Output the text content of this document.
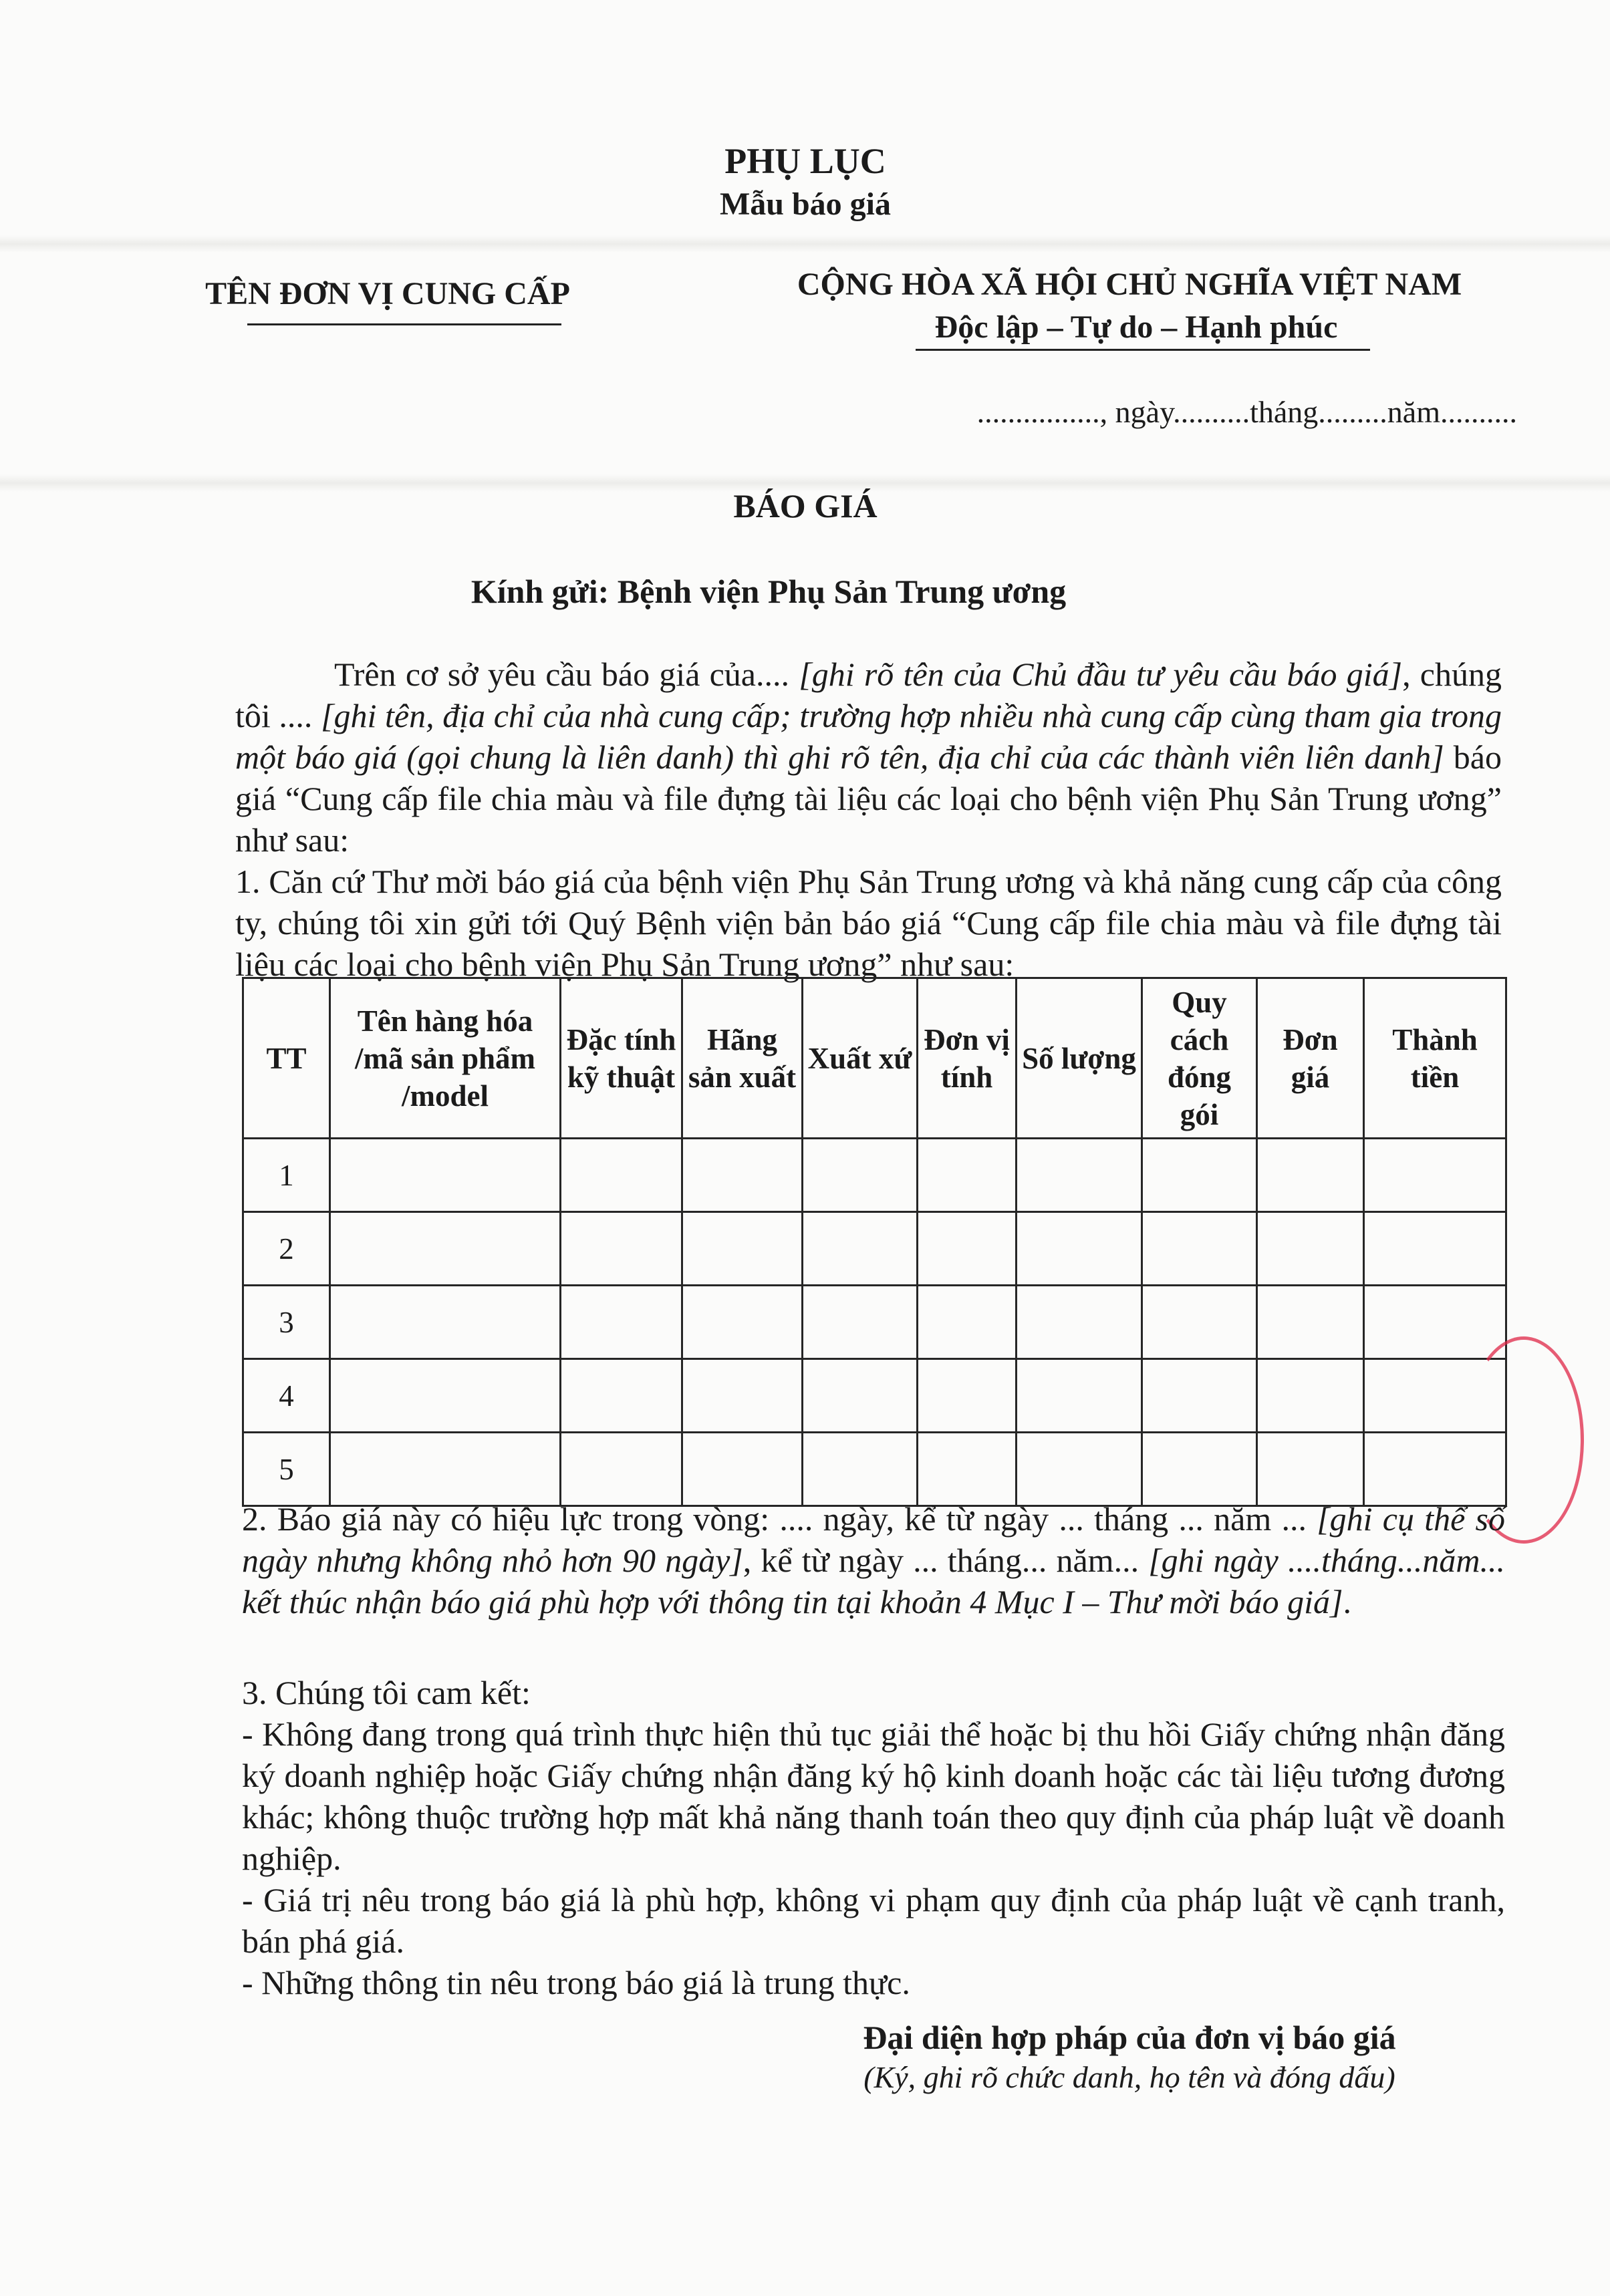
PHỤ LỤC
Mẫu báo giá
TÊN ĐƠN VỊ CUNG CẤP	CỘNG HÒA XÃ HỘI CHỦ NGHĨA VIỆT NAM
Độc lập – Tự do – Hạnh phúc
................, ngày..........tháng.........năm..........
BÁO GIÁ
Kính gửi: Bệnh viện Phụ Sản Trung ương
Trên cơ sở yêu cầu báo giá của.... [ghi rõ tên của Chủ đầu tư yêu cầu báo giá], chúng tôi .... [ghi tên, địa chỉ của nhà cung cấp; trường hợp nhiều nhà cung cấp cùng tham gia trong một báo giá (gọi chung là liên danh) thì ghi rõ tên, địa chỉ của các thành viên liên danh] báo giá “Cung cấp file chia màu và file đựng tài liệu các loại cho bệnh viện Phụ Sản Trung ương” như sau:
1. Căn cứ Thư mời báo giá của bệnh viện Phụ Sản Trung ương và khả năng cung cấp của công ty, chúng tôi xin gửi tới Quý Bệnh viện bản báo giá “Cung cấp file chia màu và file đựng tài liệu các loại cho bệnh viện Phụ Sản Trung ương” như sau:
TT	Tên hàng hóa /mã sản phẩm /model	Đặc tính kỹ thuật	Hãng sản xuất	Xuất xứ	Đơn vị tính	Số lượng	Quy cách đóng gói	Đơn giá	Thành tiền
1									
2									
3									
4									
5									
2. Báo giá này có hiệu lực trong vòng: .... ngày, kể từ ngày ... tháng ... năm ... [ghi cụ thể số ngày nhưng không nhỏ hơn 90 ngày], kể từ ngày ... tháng... năm... [ghi ngày ....tháng...năm... kết thúc nhận báo giá phù hợp với thông tin tại khoản 4 Mục I – Thư mời báo giá].
3. Chúng tôi cam kết:
- Không đang trong quá trình thực hiện thủ tục giải thể hoặc bị thu hồi Giấy chứng nhận đăng ký doanh nghiệp hoặc Giấy chứng nhận đăng ký hộ kinh doanh hoặc các tài liệu tương đương khác; không thuộc trường hợp mất khả năng thanh toán theo quy định của pháp luật về doanh nghiệp.
- Giá trị nêu trong báo giá là phù hợp, không vi phạm quy định của pháp luật về cạnh tranh, bán phá giá.
- Những thông tin nêu trong báo giá là trung thực.
Đại diện hợp pháp của đơn vị báo giá
(Ký, ghi rõ chức danh, họ tên và đóng dấu)
